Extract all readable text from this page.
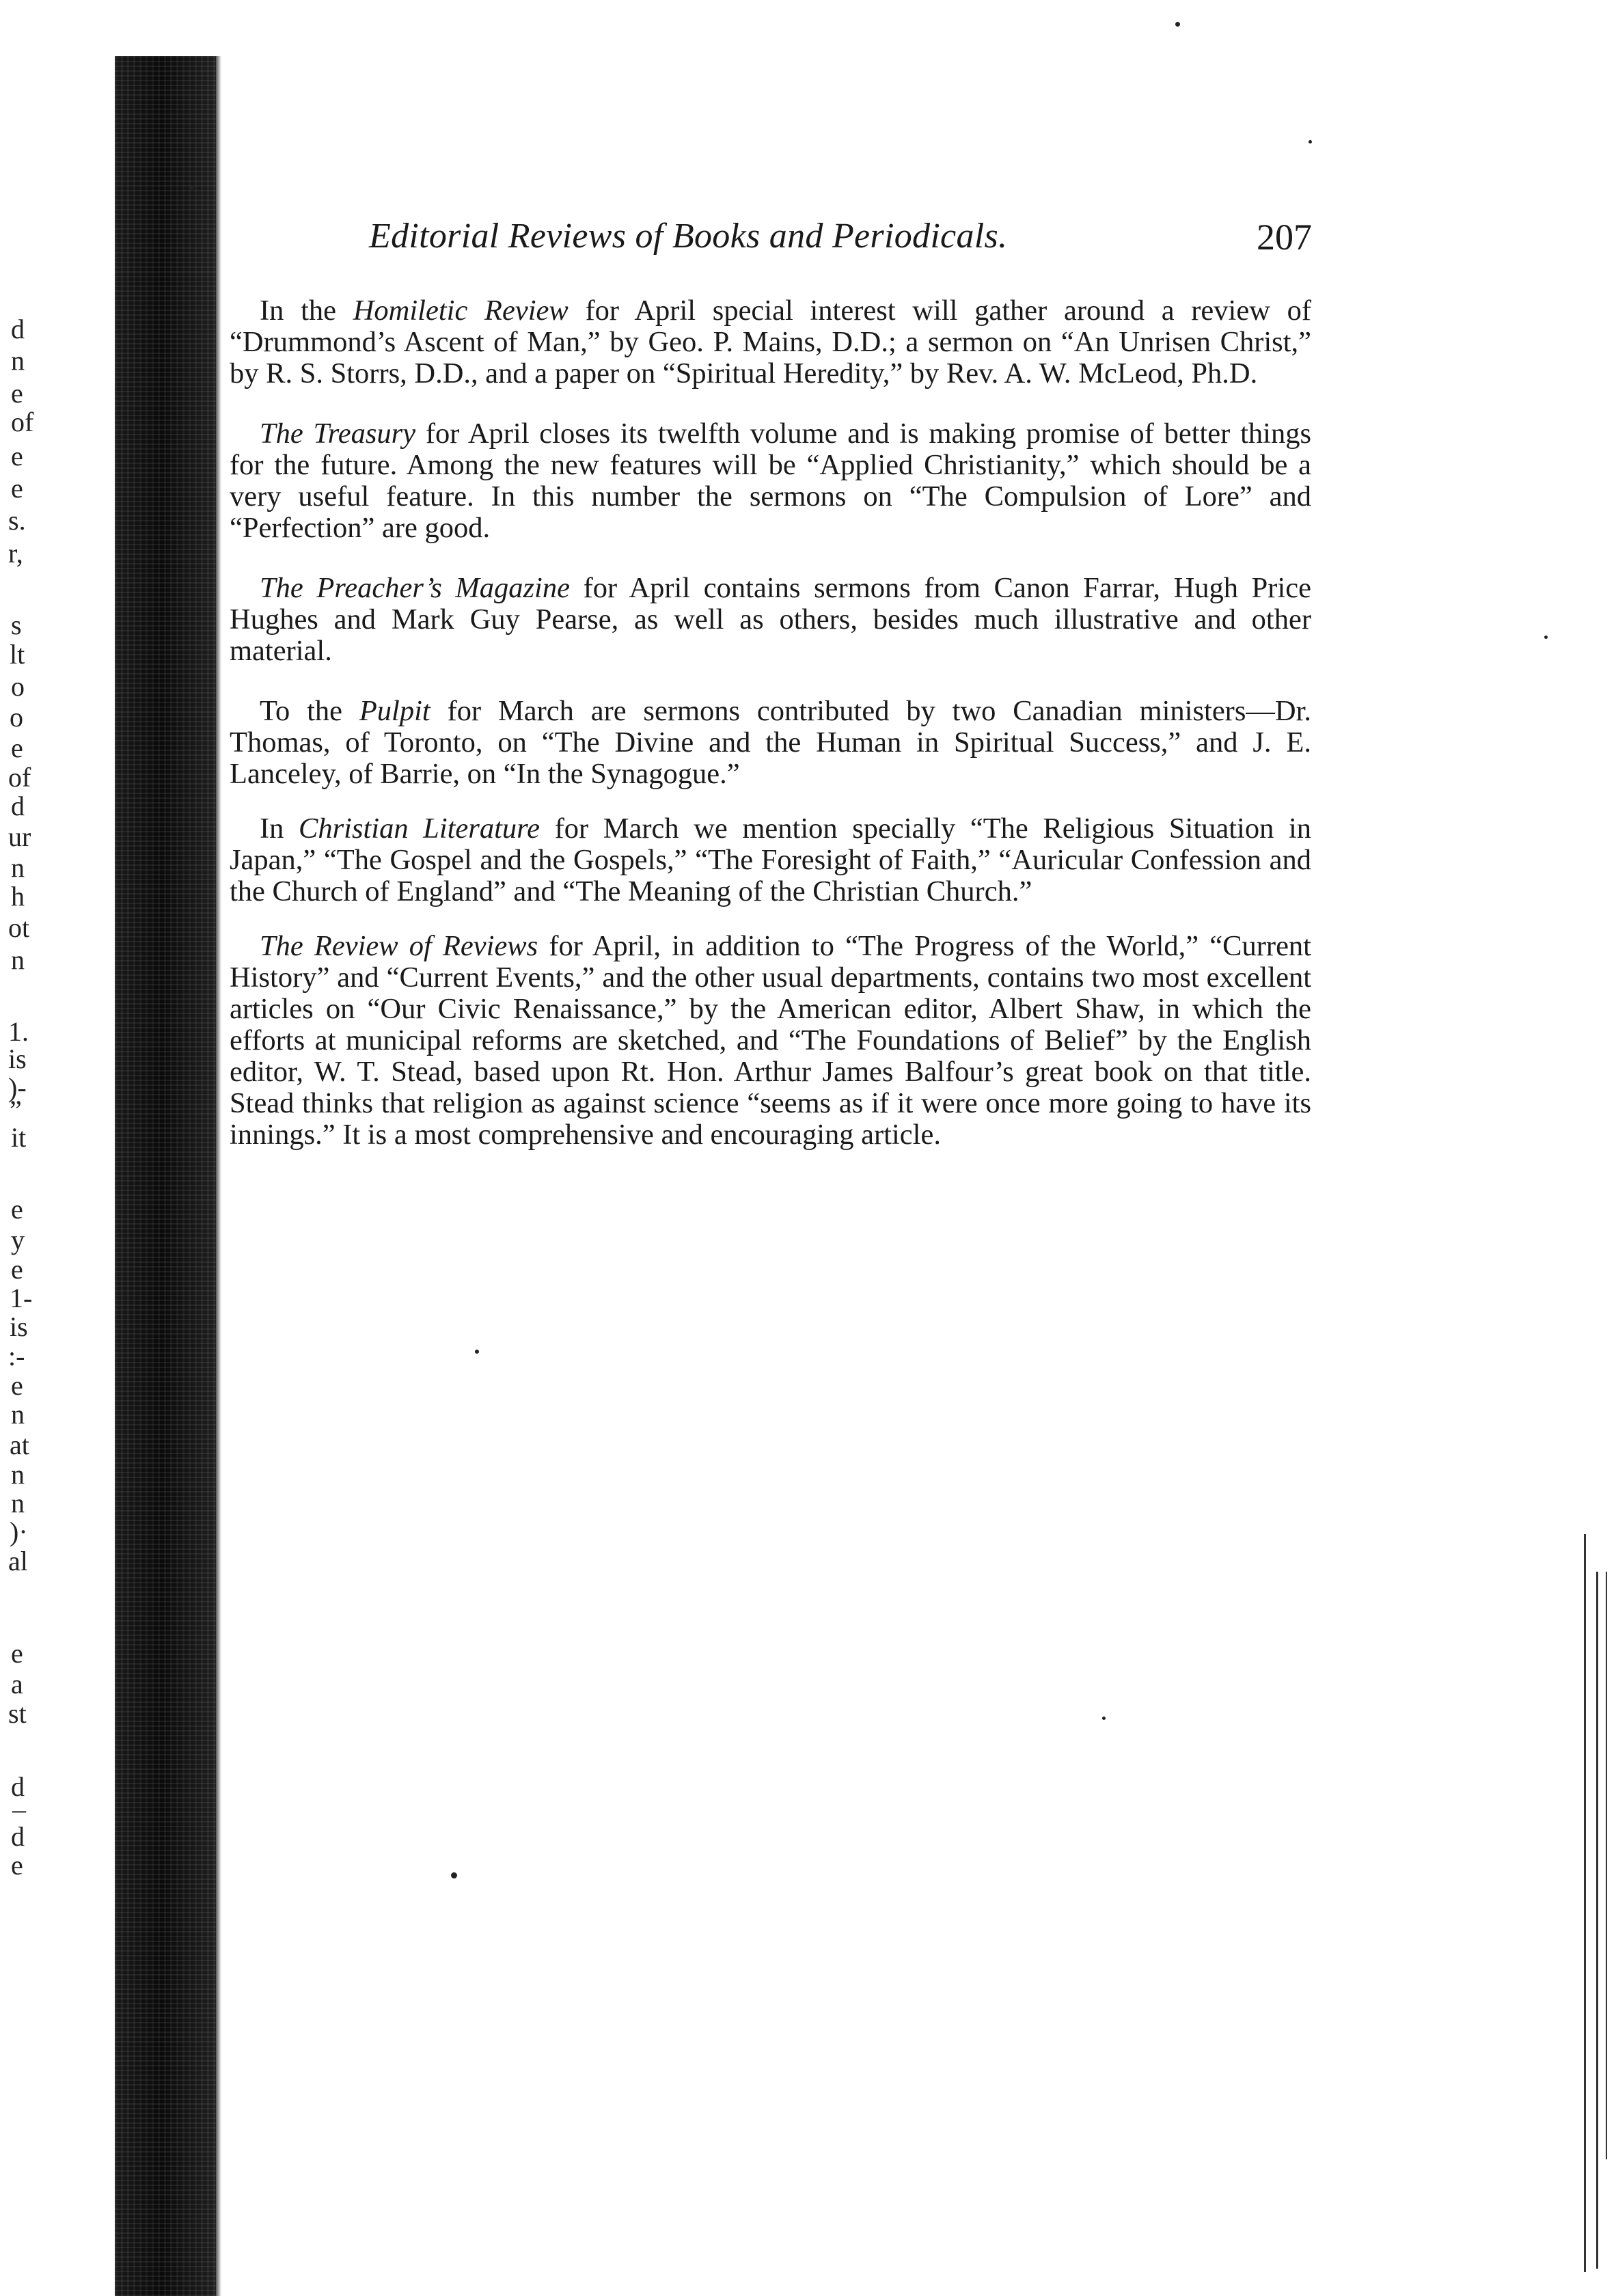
d
n
e
of
e
e
s.
r,
s
lt
o
o
e
of
d
ur
n
h
ot
n
1.
is
)-
”
it
e
y
e
1-
is
:-
e
n
at
n
n
)·
al
e
a
st
d
–
d
e
Editorial Reviews of Books and Periodicals.	207

In the Homiletic Review for April special interest will gather around a review of “Drummond’s Ascent of Man,” by Geo. P. Mains, D.D.; a sermon on “An Unrisen Christ,” by R. S. Storrs, D.D., and a paper on “Spiritual Heredity,” by Rev. A. W. McLeod, Ph.D.

The Treasury for April closes its twelfth volume and is making promise of better things for the future. Among the new features will be “Applied Christianity,” which should be a very useful feature. In this number the sermons on “The Compulsion of Lore” and “Perfection” are good.

The Preacher’s Magazine for April contains sermons from Canon Farrar, Hugh Price Hughes and Mark Guy Pearse, as well as others, besides much illustrative and other material.

To the Pulpit for March are sermons contributed by two Canadian ministers—Dr. Thomas, of Toronto, on “The Divine and the Human in Spiritual Success,” and J. E. Lanceley, of Barrie, on “In the Synagogue.”

In Christian Literature for March we mention specially “The Religious Situation in Japan,” “The Gospel and the Gospels,” “The Foresight of Faith,” “Auricular Confession and the Church of England” and “The Meaning of the Christian Church.”

The Review of Reviews for April, in addition to “The Progress of the World,” “Current History” and “Current Events,” and the other usual departments, contains two most excellent articles on “Our Civic Renaissance,” by the American editor, Albert Shaw, in which the efforts at municipal reforms are sketched, and “The Foundations of Belief” by the English editor, W. T. Stead, based upon Rt. Hon. Arthur James Balfour’s great book on that title. Stead thinks that religion as against science “seems as if it were once more going to have its innings.” It is a most comprehensive and encouraging article.
